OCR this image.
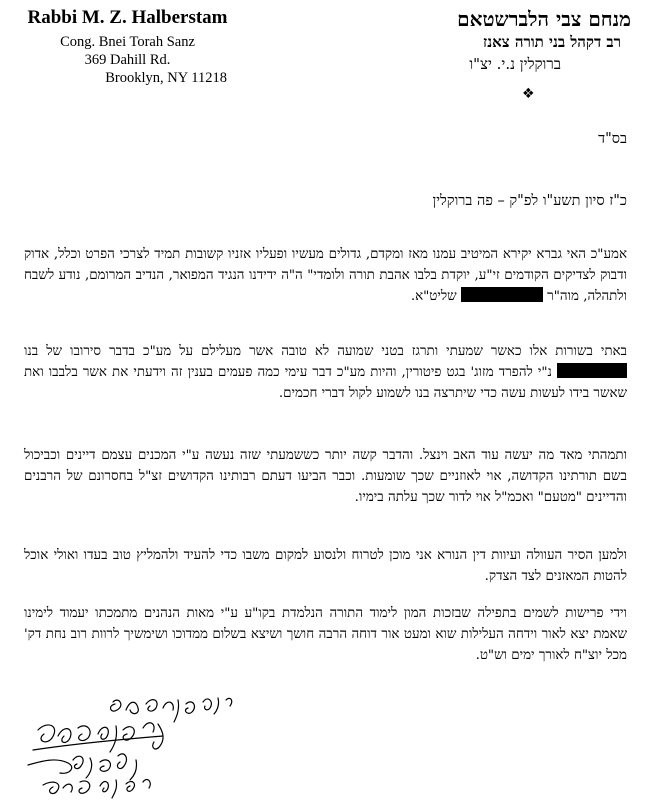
Rabbi M. Z. Halberstam
Cong. Bnei Torah Sanz
369 Dahill Rd.
Brooklyn, NY 11218
מנחם צבי הלברשטאם
רב דקהל בני תורה צאנז
ברוקלין נ.י. יצ"ו
❖
בס"ד
כ"ז סיון תשע"ו לפ"ק – פה ברוקלין
אמע"כ האי גברא יקירא המיטיב עמנו מאז ומקדם, גדולים מעשיו ופעליו אזניו קשובות תמיד לצרכי הפרט וכלל, אדוק ודבוק לצדיקים הקודמים זי"ע, יוקדת בלבו אהבת תורה ולומדי" ה"ה ידידנו הנגיד המפואר, הנדיב המרומם, נודע לשבח ולתהלה, מוה"ר  שליט"א.
באתי בשורות אלו כאשר שמעתי ותרגז בטני שמועה לא טובה אשר מעלילם על מע"כ בדבר סירובו של בנו  נ"י להפרד מזוג' בגט פיטורין, והיות מע"כ דבר עימי כמה פעמים בענין זה וידעתי את אשר בלבבו ואת שאשר בידו לעשות עשה כדי שיתרצה בנו לשמוע לקול דברי חכמים.
ותמהתי מאד מה יעשה עוד האב וינצל. והדבר קשה יותר כששמעתי שזה נעשה ע"י המכנים עצמם דיינים וכביכול בשם תורתינו הקדושה, אוי לאוזניים שכך שומעות. וכבר הביעו דעתם רבותינו הקדושים זצ"ל בחסרונם של הרבנים והדיינים "מטעם" ואכמ"ל אוי לדור שכך עלתה בימיו.
ולמען הסיר העוולה ועיוות דין הנורא אני מוכן לטרוח ולנסוע למקום משבו כדי להעיד ולהמליץ טוב בעדו ואולי אוכל להטות המאזנים לצד הצדק.
וידי פרישות לשמים בתפילה שבזכות המון לימוד התורה הנלמדת בקו"ע ע"י מאות הנהנים מתמכתו יעמוד לימינו שאמת יצא לאור וידחה העלילות שוא ומעט אור דוחה הרבה חושך ושיצא בשלום ממדוכו ושימשיך לרוות רוב נחת דק' מכל יוצ"ח לאורך ימים וש"ט.
